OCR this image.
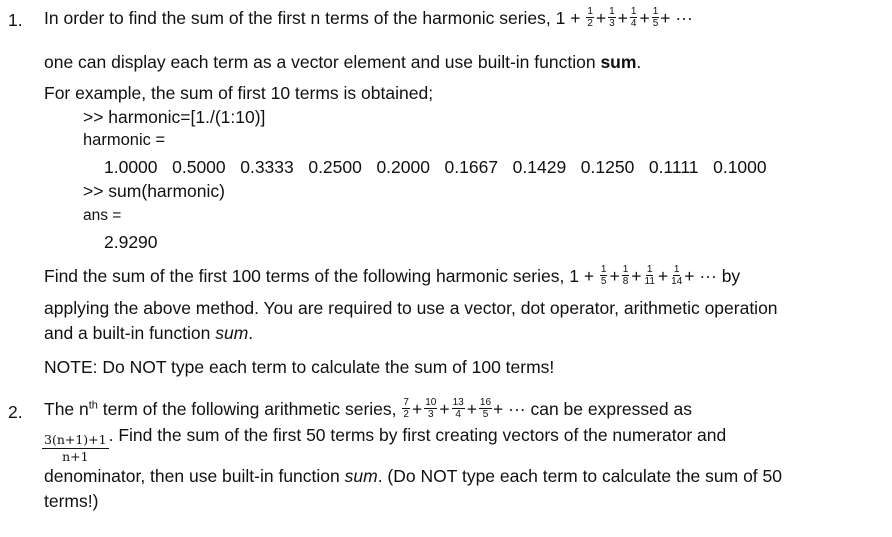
1. In order to find the sum of the first n terms of the harmonic series, $1 + \frac{1}{2} + \frac{1}{3} + \frac{1}{4} + \frac{1}{5}$ + ···
one can display each term as a vector element and use built-in function sum.
For example, the sum of first 10 terms is obtained;
>> harmonic=[1./(1:10)]
harmonic =
1.0000   0.5000   0.3333   0.2500   0.2000   0.1667   0.1429   0.1250   0.1111   0.1000
>> sum(harmonic)
ans =
2.9290
Find the sum of the first 100 terms of the following harmonic series, $1 + \frac{1}{5} + \frac{1}{8} + \frac{1}{11} + \frac{1}{14}$ + ··· by
applying the above method. You are required to use a vector, dot operator, arithmetic operation
and a built-in function sum.
NOTE: Do NOT type each term to calculate the sum of 100 terms!
2. The $n^{th}$ term of the following arithmetic series, $\frac{7}{2} + \frac{10}{3} + \frac{13}{4} + \frac{16}{5}$ + ··· can be expressed as
$\frac{3(n+1)+1}{n+1}$ . Find the sum of the first 50 terms by first creating vectors of the numerator and
denominator, then use built-in function sum. (Do NOT type each term to calculate the sum of 50
terms!)
